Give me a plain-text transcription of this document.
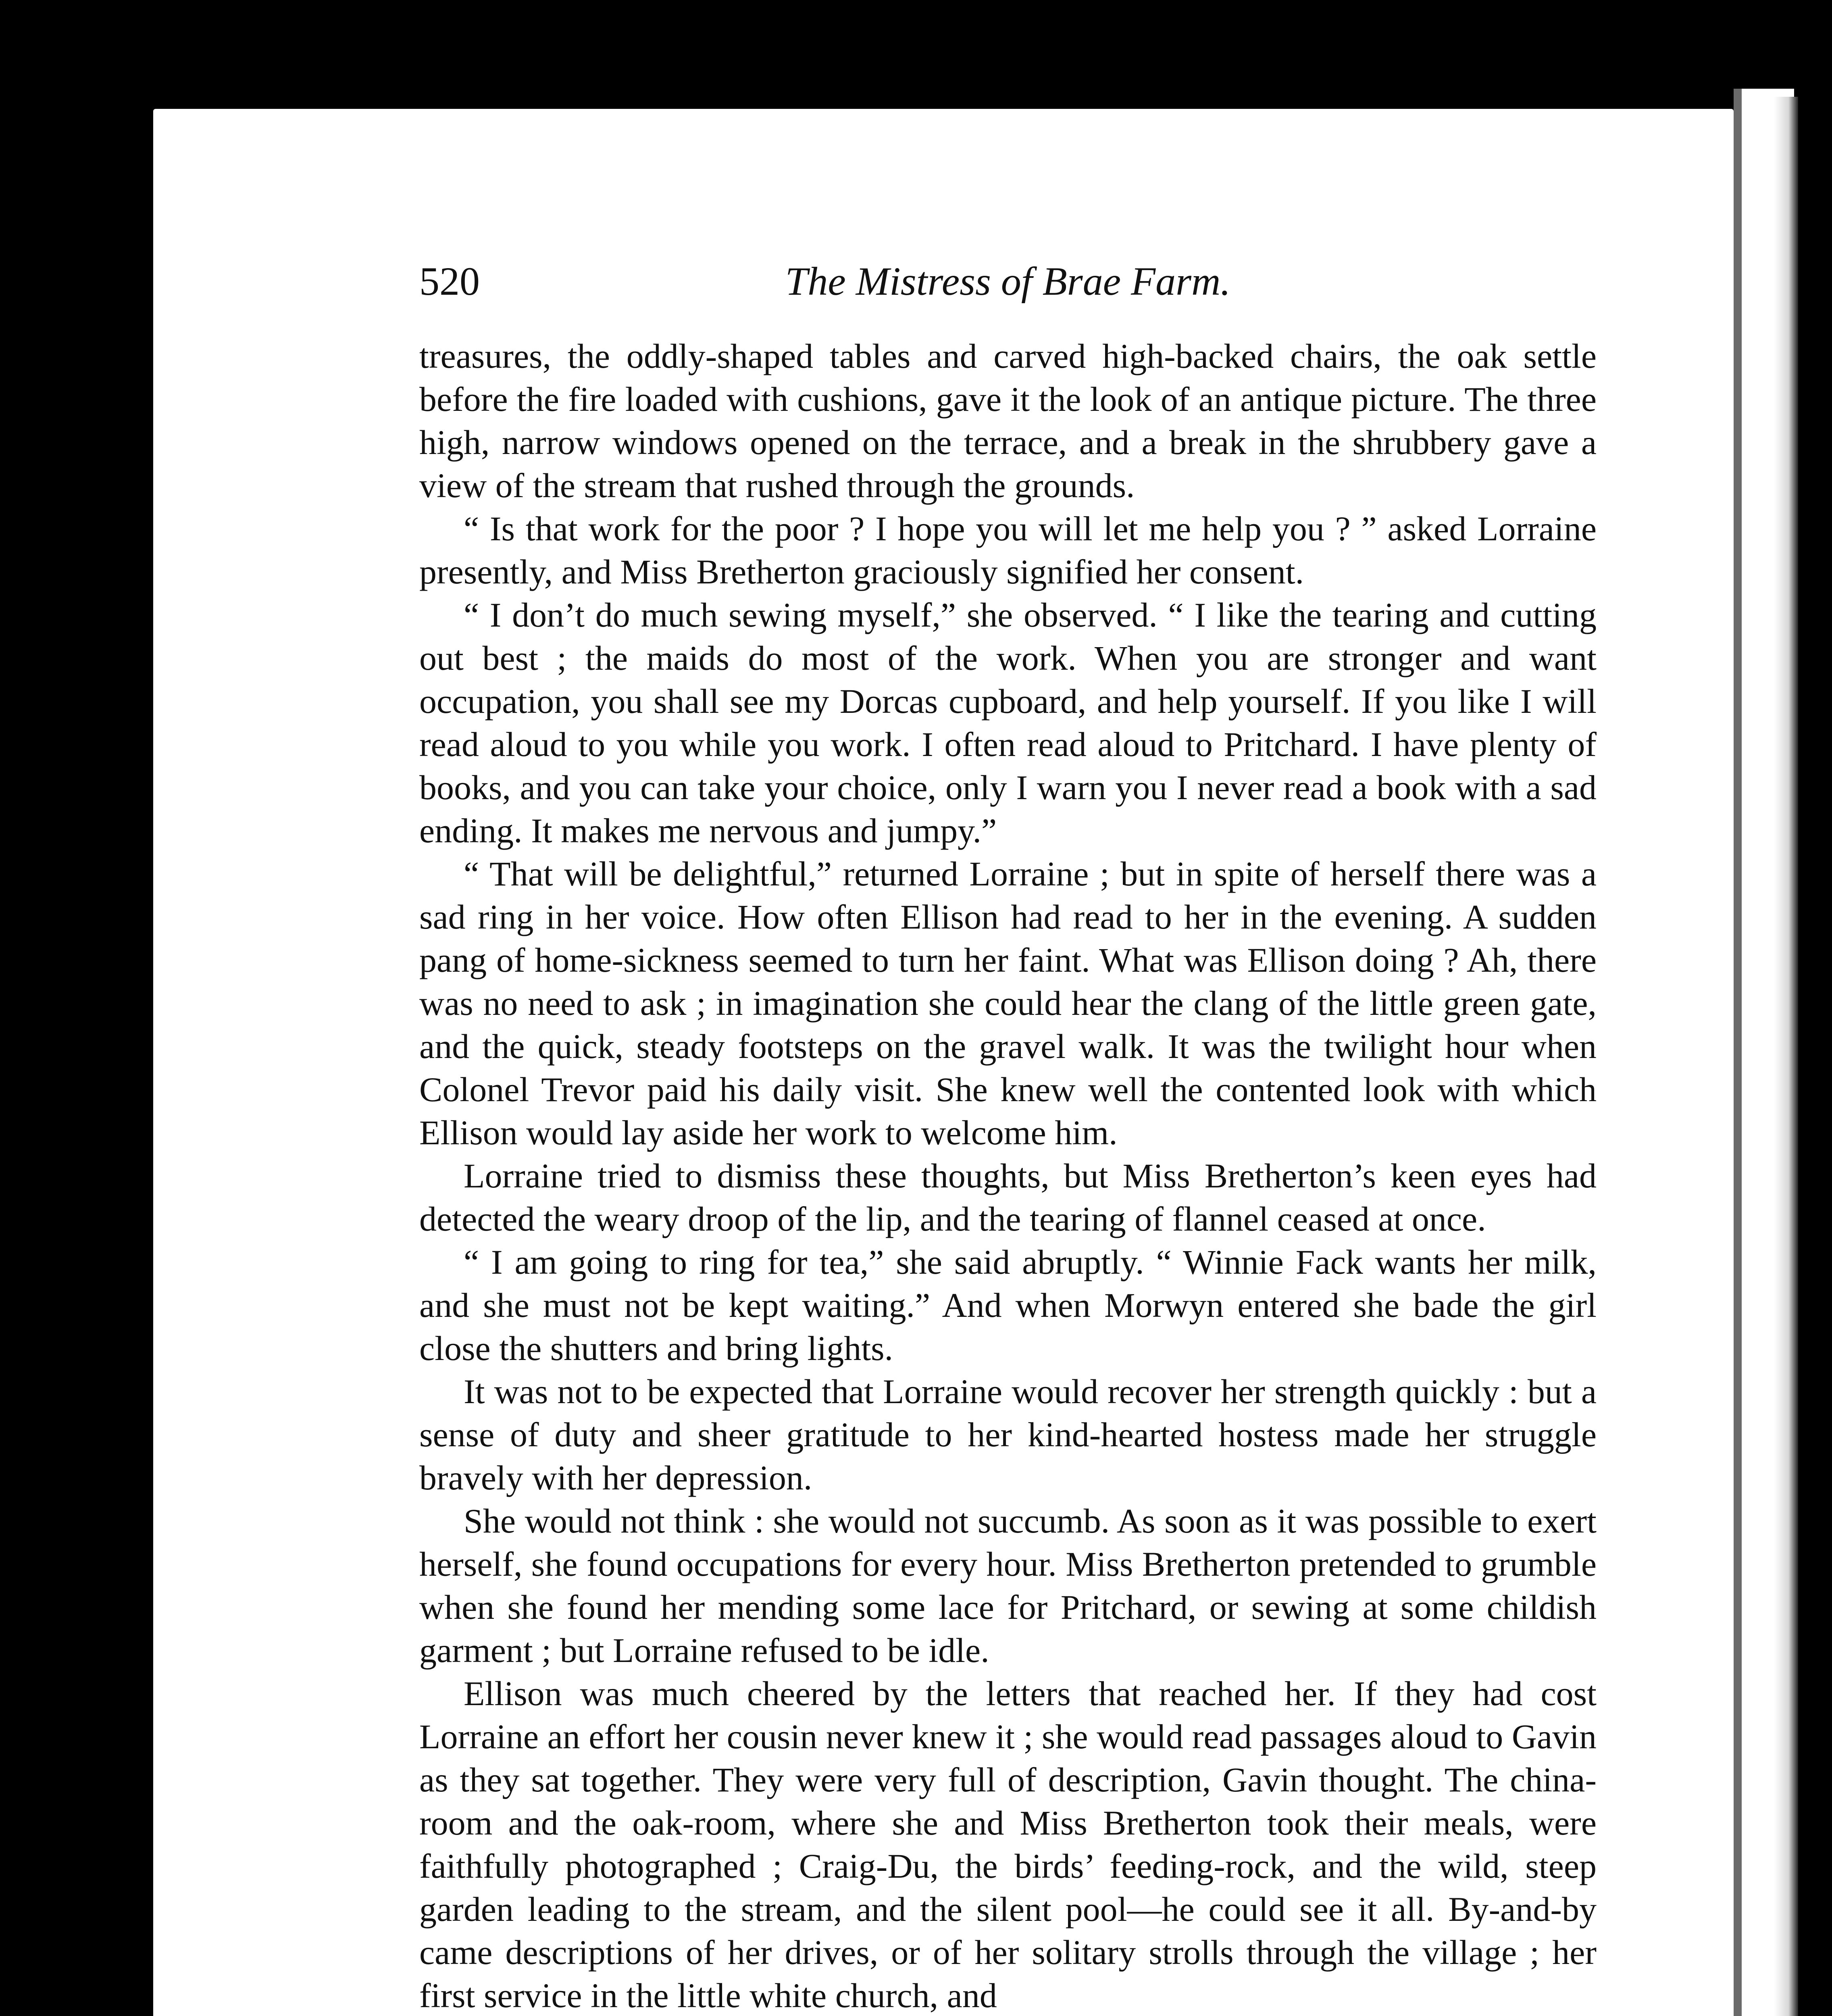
520	The Mistress of Brae Farm.

treasures, the oddly-shaped tables and carved high-backed chairs, the oak settle before the fire loaded with cushions, gave it the look of an antique picture. The three high, narrow windows opened on the terrace, and a break in the shrubbery gave a view of the stream that rushed through the grounds.

“ Is that work for the poor ? I hope you will let me help you ? ” asked Lorraine presently, and Miss Bretherton graciously signified her consent.

“ I don’t do much sewing myself,” she observed. “ I like the tearing and cutting out best ; the maids do most of the work. When you are stronger and want occupation, you shall see my Dorcas cupboard, and help yourself. If you like I will read aloud to you while you work. I often read aloud to Pritchard. I have plenty of books, and you can take your choice, only I warn you I never read a book with a sad ending. It makes me nervous and jumpy.”

“ That will be delightful,” returned Lorraine ; but in spite of herself there was a sad ring in her voice. How often Ellison had read to her in the evening. A sudden pang of home-sickness seemed to turn her faint. What was Ellison doing ? Ah, there was no need to ask ; in imagination she could hear the clang of the little green gate, and the quick, steady footsteps on the gravel walk. It was the twilight hour when Colonel Trevor paid his daily visit. She knew well the contented look with which Ellison would lay aside her work to welcome him.

Lorraine tried to dismiss these thoughts, but Miss Bretherton’s keen eyes had detected the weary droop of the lip, and the tearing of flannel ceased at once.

“ I am going to ring for tea,” she said abruptly. “ Winnie Fack wants her milk, and she must not be kept waiting.” And when Morwyn entered she bade the girl close the shutters and bring lights.

It was not to be expected that Lorraine would recover her strength quickly : but a sense of duty and sheer gratitude to her kind-hearted hostess made her struggle bravely with her depression.

She would not think : she would not succumb. As soon as it was possible to exert herself, she found occupations for every hour. Miss Bretherton pretended to grumble when she found her mending some lace for Pritchard, or sewing at some childish garment ; but Lorraine refused to be idle.

Ellison was much cheered by the letters that reached her. If they had cost Lorraine an effort her cousin never knew it ; she would read passages aloud to Gavin as they sat together. They were very full of description, Gavin thought. The china-room and the oak-room, where she and Miss Bretherton took their meals, were faithfully photographed ; Craig-Du, the birds’ feeding-rock, and the wild, steep garden leading to the stream, and the silent pool—he could see it all. By-and-by came descriptions of her drives, or of her solitary strolls through the village ; her first service in the little white church, and
